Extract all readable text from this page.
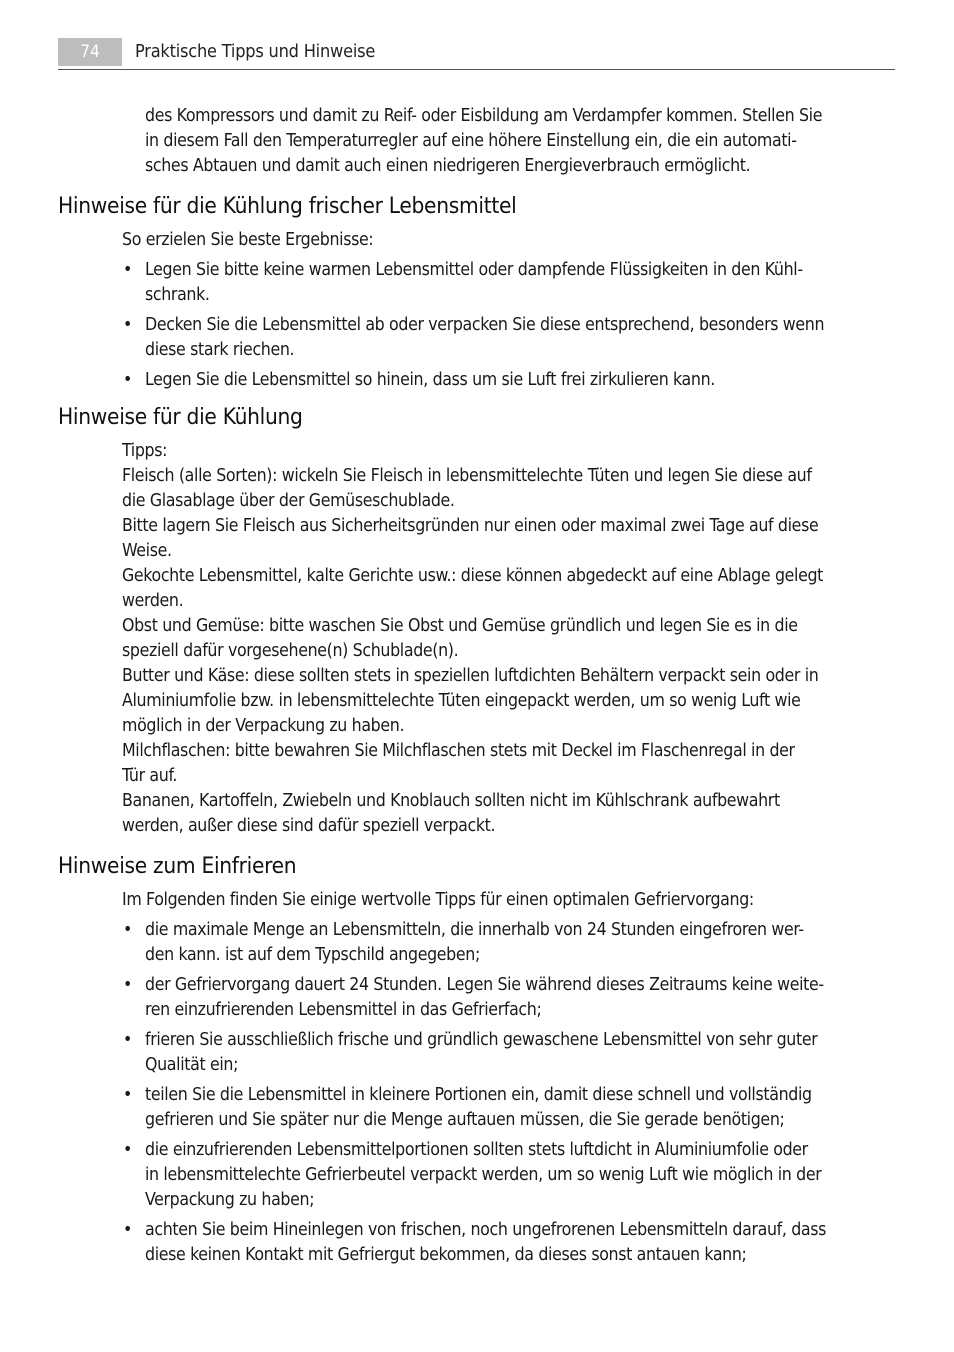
74	Praktische Tipps und Hinweise

des Kompressors und damit zu Reif- oder Eisbildung am Verdampfer kommen. Stellen Sie
in diesem Fall den Temperaturregler auf eine höhere Einstellung ein, die ein automati-
sches Abtauen und damit auch einen niedrigeren Energieverbrauch ermöglicht.

Hinweise für die Kühlung frischer Lebensmittel

So erzielen Sie beste Ergebnisse:

• Legen Sie bitte keine warmen Lebensmittel oder dampfende Flüssigkeiten in den Kühl-
schrank.
• Decken Sie die Lebensmittel ab oder verpacken Sie diese entsprechend, besonders wenn
diese stark riechen.
• Legen Sie die Lebensmittel so hinein, dass um sie Luft frei zirkulieren kann.
Hinweise für die Kühlung

Tipps:
Fleisch (alle Sorten): wickeln Sie Fleisch in lebensmittelechte Tüten und legen Sie diese auf
die Glasablage über der Gemüseschublade.
Bitte lagern Sie Fleisch aus Sicherheitsgründen nur einen oder maximal zwei Tage auf diese
Weise.
Gekochte Lebensmittel, kalte Gerichte usw.: diese können abgedeckt auf eine Ablage gelegt
werden.
Obst und Gemüse: bitte waschen Sie Obst und Gemüse gründlich und legen Sie es in die
speziell dafür vorgesehene(n) Schublade(n).
Butter und Käse: diese sollten stets in speziellen luftdichten Behältern verpackt sein oder in
Aluminiumfolie bzw. in lebensmittelechte Tüten eingepackt werden, um so wenig Luft wie
möglich in der Verpackung zu haben.
Milchflaschen: bitte bewahren Sie Milchflaschen stets mit Deckel im Flaschenregal in der
Tür auf.
Bananen, Kartoffeln, Zwiebeln und Knoblauch sollten nicht im Kühlschrank aufbewahrt
werden, außer diese sind dafür speziell verpackt.

Hinweise zum Einfrieren

Im Folgenden finden Sie einige wertvolle Tipps für einen optimalen Gefriervorgang:

• die maximale Menge an Lebensmitteln, die innerhalb von 24 Stunden eingefroren wer-
den kann. ist auf dem Typschild angegeben;
• der Gefriervorgang dauert 24 Stunden. Legen Sie während dieses Zeitraums keine weite-
ren einzufrierenden Lebensmittel in das Gefrierfach;
• frieren Sie ausschließlich frische und gründlich gewaschene Lebensmittel von sehr guter
Qualität ein;
• teilen Sie die Lebensmittel in kleinere Portionen ein, damit diese schnell und vollständig
gefrieren und Sie später nur die Menge auftauen müssen, die Sie gerade benötigen;
• die einzufrierenden Lebensmittelportionen sollten stets luftdicht in Aluminiumfolie oder
in lebensmittelechte Gefrierbeutel verpackt werden, um so wenig Luft wie möglich in der
Verpackung zu haben;
• achten Sie beim Hineinlegen von frischen, noch ungefrorenen Lebensmitteln darauf, dass
diese keinen Kontakt mit Gefriergut bekommen, da dieses sonst antauen kann;
